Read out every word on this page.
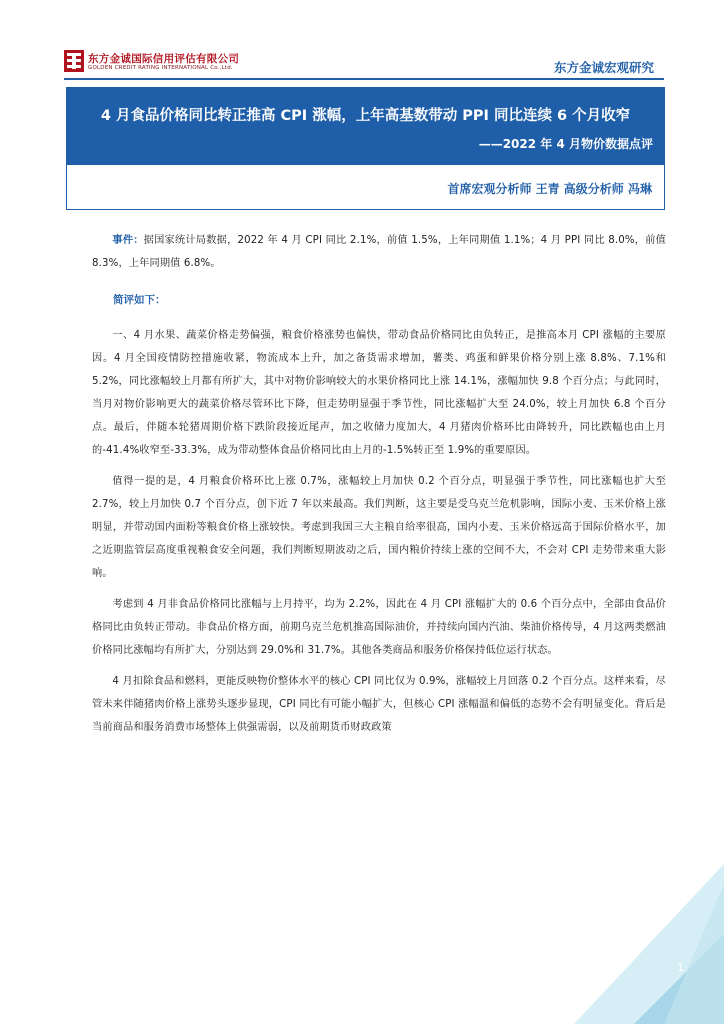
东方金诚国际信用评估有限公司
GOLDEN CREDIT RATING INTERNATIONAL Co.,Ltd.	东方金诚宏观研究
4 月食品价格同比转正推高 CPI 涨幅，上年高基数带动 PPI 同比连续 6 个月收窄
——2022 年 4 月物价数据点评
首席宏观分析师 王青 高级分析师 冯琳

事件：据国家统计局数据，2022 年 4 月 CPI 同比 2.1%，前值 1.5%，上年同期值 1.1%；4 月 PPI 同比 8.0%，前值 8.3%，上年同期值 6.8%。

简评如下：

一、4 月水果、蔬菜价格走势偏强，粮食价格涨势也偏快，带动食品价格同比由负转正，是推高本月 CPI 涨幅的主要原因。4 月全国疫情防控措施收紧，物流成本上升，加之备货需求增加，薯类、鸡蛋和鲜果价格分别上涨 8.8%、7.1%和 5.2%，同比涨幅较上月都有所扩大，其中对物价影响较大的水果价格同比上涨 14.1%，涨幅加快 9.8 个百分点；与此同时，当月对物价影响更大的蔬菜价格尽管环比下降，但走势明显强于季节性，同比涨幅扩大至 24.0%，较上月加快 6.8 个百分点。最后，伴随本轮猪周期价格下跌阶段接近尾声，加之收储力度加大，4 月猪肉价格环比由降转升，同比跌幅也由上月的-41.4%收窄至-33.3%，成为带动整体食品价格同比由上月的-1.5%转正至 1.9%的重要原因。

值得一提的是，4 月粮食价格环比上涨 0.7%，涨幅较上月加快 0.2 个百分点，明显强于季节性，同比涨幅也扩大至 2.7%，较上月加快 0.7 个百分点，创下近 7 年以来最高。我们判断，这主要是受乌克兰危机影响，国际小麦、玉米价格上涨明显，并带动国内面粉等粮食价格上涨较快。考虑到我国三大主粮自给率很高，国内小麦、玉米价格远高于国际价格水平，加之近期监管层高度重视粮食安全问题，我们判断短期波动之后，国内粮价持续上涨的空间不大，不会对 CPI 走势带来重大影响。

考虑到 4 月非食品价格同比涨幅与上月持平，均为 2.2%，因此在 4 月 CPI 涨幅扩大的 0.6 个百分点中，全部由食品价格同比由负转正带动。非食品价格方面，前期乌克兰危机推高国际油价，并持续向国内汽油、柴油价格传导，4 月这两类燃油价格同比涨幅均有所扩大，分别达到 29.0%和 31.7%。其他各类商品和服务价格保持低位运行状态。

4 月扣除食品和燃料，更能反映物价整体水平的核心 CPI 同比仅为 0.9%，涨幅较上月回落 0.2 个百分点。这样来看，尽管未来伴随猪肉价格上涨势头逐步显现，CPI 同比有可能小幅扩大，但核心 CPI 涨幅温和偏低的态势不会有明显变化。背后是当前商品和服务消费市场整体上供强需弱，以及前期货币财政政策

1
